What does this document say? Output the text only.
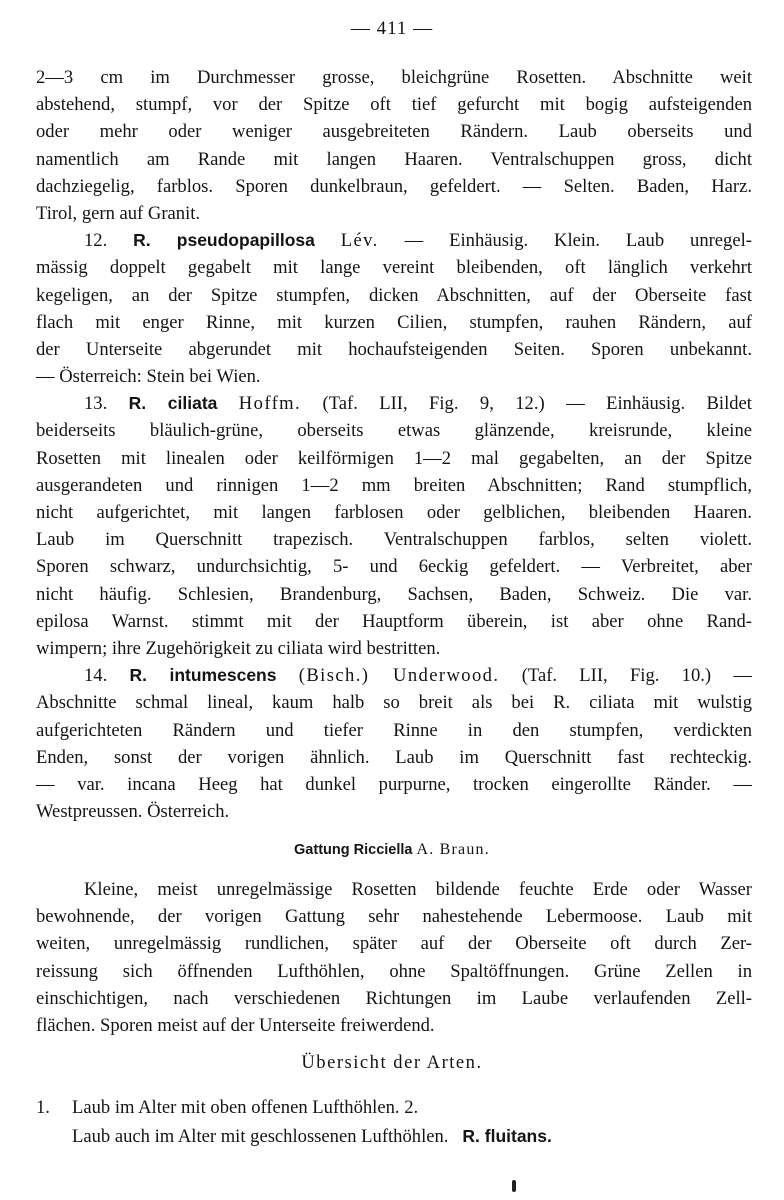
— 411 —
2—3 cm im Durchmesser grosse, bleichgrüne Rosetten. Abschnitte weit
abstehend, stumpf, vor der Spitze oft tief gefurcht mit bogig aufsteigenden
oder mehr oder weniger ausgebreiteten Rändern. Laub oberseits und
namentlich am Rande mit langen Haaren. Ventralschuppen gross, dicht
dachziegelig, farblos. Sporen dunkelbraun, gefeldert. — Selten. Baden, Harz.
Tirol, gern auf Granit.
12. R. pseudopapillosa Lév. — Einhäusig. Klein. Laub unregel-
mässig doppelt gegabelt mit lange vereint bleibenden, oft länglich verkehrt
kegeligen, an der Spitze stumpfen, dicken Abschnitten, auf der Oberseite fast
flach mit enger Rinne, mit kurzen Cilien, stumpfen, rauhen Rändern, auf
der Unterseite abgerundet mit hochaufsteigenden Seiten. Sporen unbekannt.
— Österreich: Stein bei Wien.
13. R. ciliata Hoffm. (Taf. LII, Fig. 9, 12.) — Einhäusig. Bildet
beiderseits bläulich-grüne, oberseits etwas glänzende, kreisrunde, kleine
Rosetten mit linealen oder keilförmigen 1—2 mal gegabelten, an der Spitze
ausgerandeten und rinnigen 1—2 mm breiten Abschnitten; Rand stumpflich,
nicht aufgerichtet, mit langen farblosen oder gelblichen, bleibenden Haaren.
Laub im Querschnitt trapezisch. Ventralschuppen farblos, selten violett.
Sporen schwarz, undurchsichtig, 5- und 6eckig gefeldert. — Verbreitet, aber
nicht häufig. Schlesien, Brandenburg, Sachsen, Baden, Schweiz. Die var.
epilosa Warnst. stimmt mit der Hauptform überein, ist aber ohne Rand-
wimpern; ihre Zugehörigkeit zu ciliata wird bestritten.
14. R. intumescens (Bisch.) Underwood. (Taf. LII, Fig. 10.) —
Abschnitte schmal lineal, kaum halb so breit als bei R. ciliata mit wulstig
aufgerichteten Rändern und tiefer Rinne in den stumpfen, verdickten
Enden, sonst der vorigen ähnlich. Laub im Querschnitt fast rechteckig.
— var. incana Heeg hat dunkel purpurne, trocken eingerollte Ränder. —
Westpreussen. Österreich.
Gattung Ricciella A. Braun.
Kleine, meist unregelmässige Rosetten bildende feuchte Erde oder Wasser
bewohnende, der vorigen Gattung sehr nahestehende Lebermoose. Laub mit
weiten, unregelmässig rundlichen, später auf der Oberseite oft durch Zer-
reissung sich öffnenden Lufthöhlen, ohne Spaltöffnungen. Grüne Zellen in
einschichtigen, nach verschiedenen Richtungen im Laube verlaufenden Zell-
flächen. Sporen meist auf der Unterseite freiwerdend.
Übersicht der Arten.
1. Laub im Alter mit oben offenen Lufthöhlen. 2.
Laub auch im Alter mit geschlossenen Lufthöhlen. R. fluitans.
